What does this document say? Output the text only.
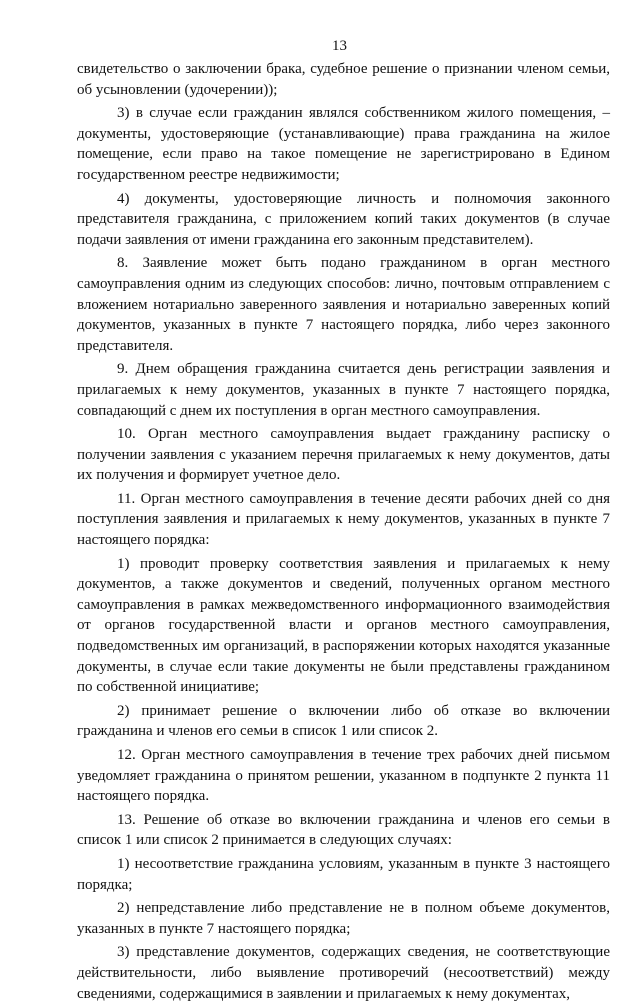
13

свидетельство о заключении брака, судебное решение о признании членом семьи, об усыновлении (удочерении));

3) в случае если гражданин являлся собственником жилого помещения, – документы, удостоверяющие (устанавливающие) права гражданина на жилое помещение, если право на такое помещение не зарегистрировано в Едином государственном реестре недвижимости;

4) документы, удостоверяющие личность и полномочия законного представителя гражданина, с приложением копий таких документов (в случае подачи заявления от имени гражданина его законным представителем).

8. Заявление может быть подано гражданином в орган местного самоуправления одним из следующих способов: лично, почтовым отправлением с вложением нотариально заверенного заявления и нотариально заверенных копий документов, указанных в пункте 7 настоящего порядка, либо через законного представителя.

9. Днем обращения гражданина считается день регистрации заявления и прилагаемых к нему документов, указанных в пункте 7 настоящего порядка, совпадающий с днем их поступления в орган местного самоуправления.

10. Орган местного самоуправления выдает гражданину расписку о получении заявления с указанием перечня прилагаемых к нему документов, даты их получения и формирует учетное дело.

11. Орган местного самоуправления в течение десяти рабочих дней со дня поступления заявления и прилагаемых к нему документов, указанных в пункте 7 настоящего порядка:

1) проводит проверку соответствия заявления и прилагаемых к нему документов, а также документов и сведений, полученных органом местного самоуправления в рамках межведомственного информационного взаимодействия от органов государственной власти и органов местного самоуправления, подведомственных им организаций, в распоряжении которых находятся указанные документы, в случае если такие документы не были представлены гражданином по собственной инициативе;

2) принимает решение о включении либо об отказе во включении гражданина и членов его семьи в список 1 или список 2.

12. Орган местного самоуправления в течение трех рабочих дней письмом уведомляет гражданина о принятом решении, указанном в подпункте 2 пункта 11 настоящего порядка.

13. Решение об отказе во включении гражданина и членов его семьи в список 1 или список 2 принимается в следующих случаях:

1) несоответствие гражданина условиям, указанным в пункте 3 настоящего порядка;

2) непредставление либо представление не в полном объеме документов, указанных в пункте 7 настоящего порядка;

3) представление документов, содержащих сведения, не соответствующие действительности, либо выявление противоречий (несоответствий) между сведениями, содержащимися в заявлении и прилагаемых к нему документах,
